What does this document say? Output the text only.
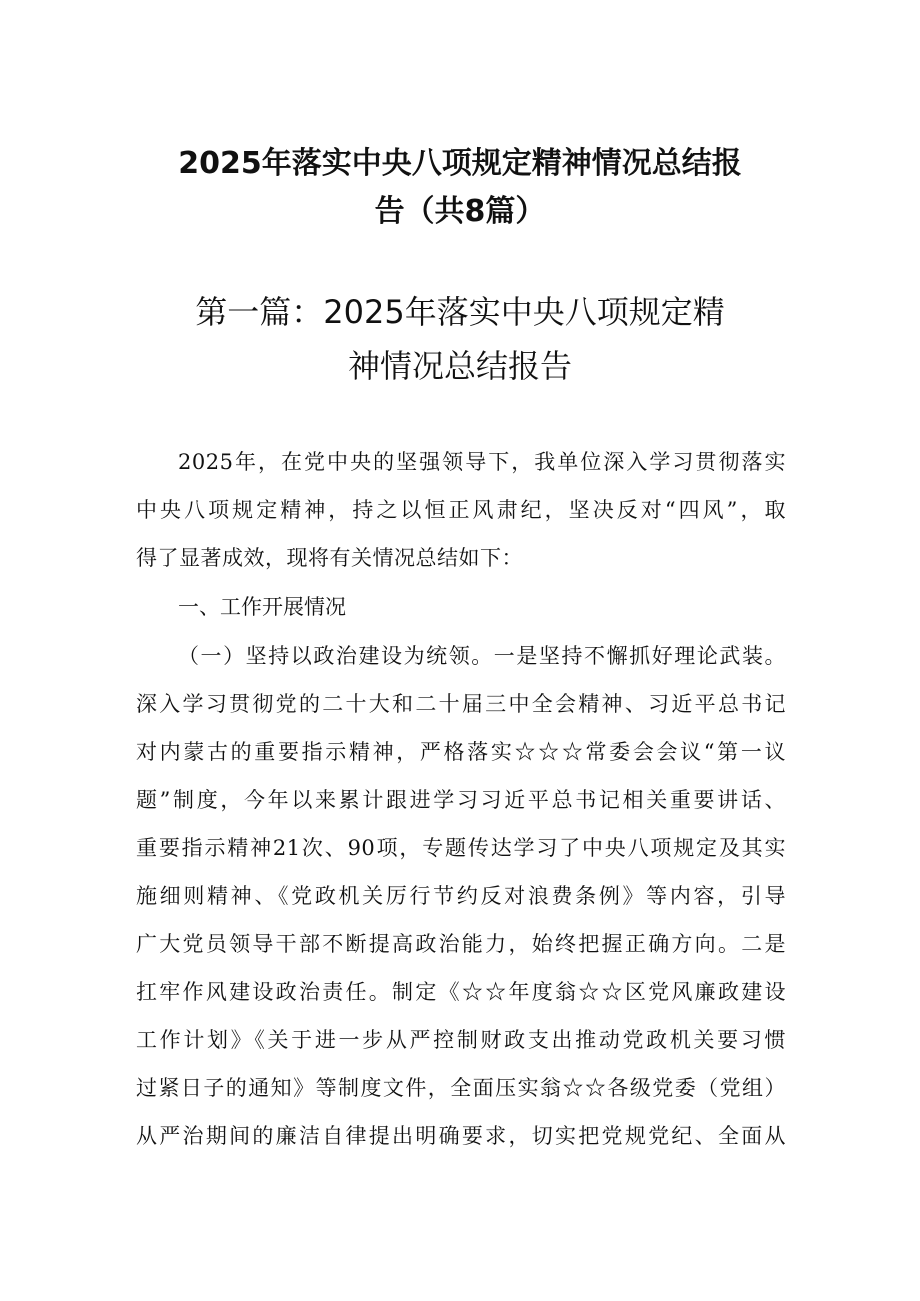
2025年落实中央八项规定精神情况总结报
告（共8篇）
第一篇：2025年落实中央八项规定精
神情况总结报告
2025年，在党中央的坚强领导下，我单位深入学习贯彻落实
中央八项规定精神，持之以恒正风肃纪，坚决反对“四风”，取
得了显著成效，现将有关情况总结如下：
一、工作开展情况
（一）坚持以政治建设为统领。一是坚持不懈抓好理论武装。
深入学习贯彻党的二十大和二十届三中全会精神、习近平总书记
对内蒙古的重要指示精神，严格落实☆☆☆常委会会议“第一议
题”制度，今年以来累计跟进学习习近平总书记相关重要讲话、
重要指示精神21次、90项，专题传达学习了中央八项规定及其实
施细则精神、《党政机关厉行节约反对浪费条例》等内容，引导
广大党员领导干部不断提高政治能力，始终把握正确方向。二是
扛牢作风建设政治责任。制定《☆☆年度翁☆☆区党风廉政建设
工作计划》《关于进一步从严控制财政支出推动党政机关要习惯
过紧日子的通知》等制度文件，全面压实翁☆☆各级党委（党组）
从严治期间的廉洁自律提出明确要求，切实把党规党纪、全面从
